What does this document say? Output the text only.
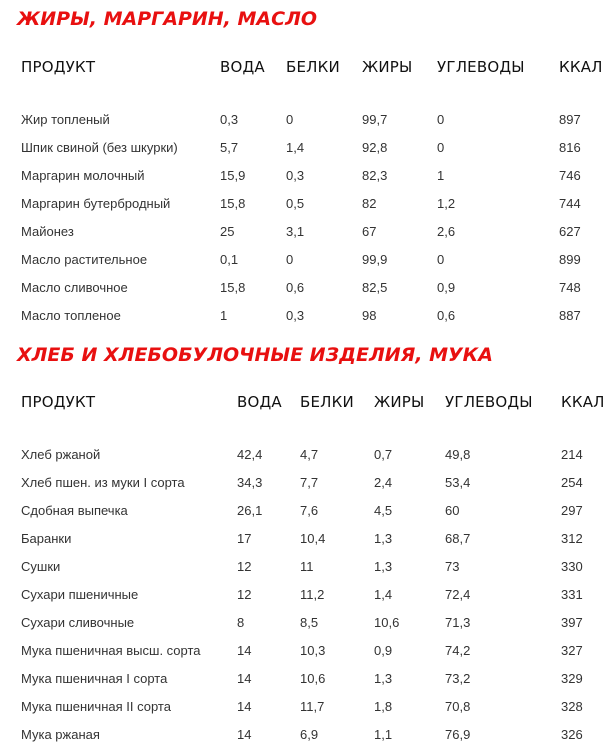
ЖИРЫ, МАРГАРИН, МАСЛО
ПРОДУКТ	ВОДА	БЕЛКИ	ЖИРЫ	УГЛЕВОДЫ	ККАЛ

Жир топленый	0,3	0	99,7	0	897
Шпик свиной (без шкурки)	5,7	1,4	92,8	0	816
Маргарин молочный	15,9	0,3	82,3	1	746
Маргарин бутербродный	15,8	0,5	82	1,2	744
Майонез	25	3,1	67	2,6	627
Масло растительное	0,1	0	99,9	0	899
Масло сливочное	15,8	0,6	82,5	0,9	748
Масло топленое	1	0,3	98	0,6	887
ХЛЕБ И ХЛЕБОБУЛОЧНЫЕ ИЗДЕЛИЯ, МУКА
ПРОДУКТ	ВОДА	БЕЛКИ	ЖИРЫ	УГЛЕВОДЫ	ККАЛ

Хлеб ржаной	42,4	4,7	0,7	49,8	214
Хлеб пшен. из муки I сорта	34,3	7,7	2,4	53,4	254
Сдобная выпечка	26,1	7,6	4,5	60	297
Баранки	17	10,4	1,3	68,7	312
Сушки	12	11	1,3	73	330
Сухари пшеничные	12	11,2	1,4	72,4	331
Сухари сливочные	8	8,5	10,6	71,3	397
Мука пшеничная высш. сорта	14	10,3	0,9	74,2	327
Мука пшеничная I сорта	14	10,6	1,3	73,2	329
Мука пшеничная II сорта	14	11,7	1,8	70,8	328
Мука ржаная	14	6,9	1,1	76,9	326
